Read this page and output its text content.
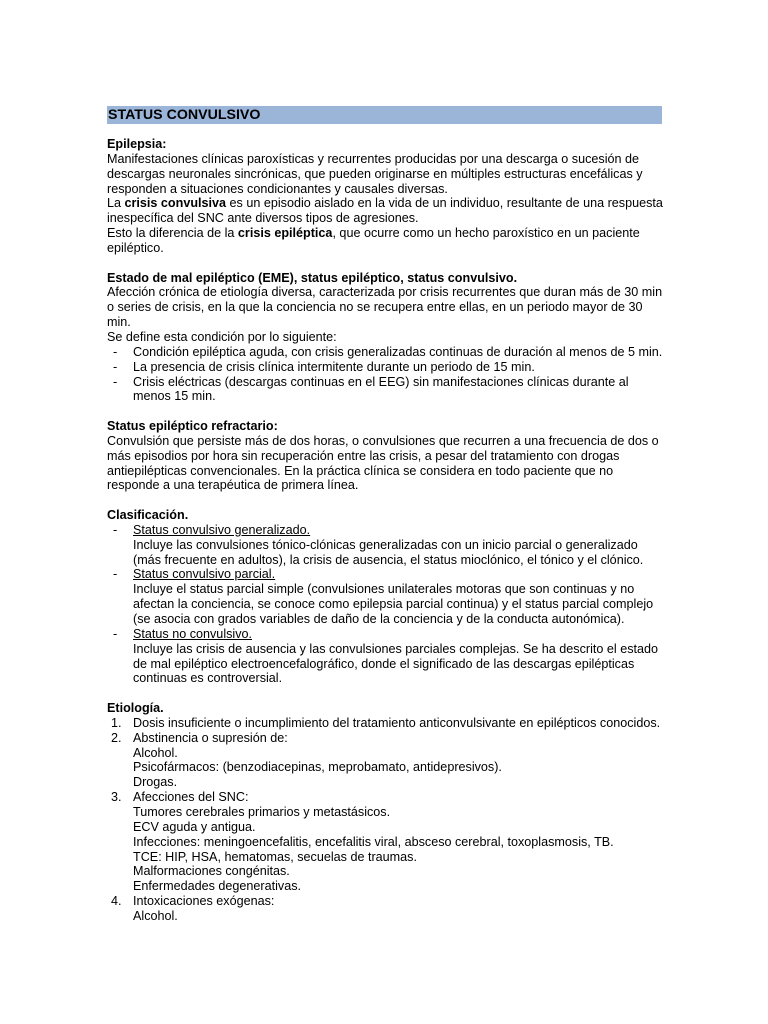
STATUS CONVULSIVO

Epilepsia:

Manifestaciones clínicas paroxísticas y recurrentes producidas por una descarga o sucesión de descargas neuronales sincrónicas, que pueden originarse en múltiples estructuras encefálicas y responden a situaciones condicionantes y causales diversas.

La crisis convulsiva es un episodio aislado en la vida de un individuo, resultante de una respuesta inespecífica del SNC ante diversos tipos de agresiones.

Esto la diferencia de la crisis epiléptica, que ocurre como un hecho paroxístico en un paciente epiléptico.

Estado de mal epiléptico (EME), status epiléptico, status convulsivo.

Afección crónica de etiología diversa, caracterizada por crisis recurrentes que duran más de 30 min o series de crisis, en la que la conciencia no se recupera entre ellas, en un periodo mayor de 30 min.

Se define esta condición por lo siguiente:

- Condición epiléptica aguda, con crisis generalizadas continuas de duración al menos de 5 min.
- La presencia de crisis clínica intermitente durante un periodo de 15 min.
- Crisis eléctricas (descargas continuas en el EEG) sin manifestaciones clínicas durante al menos 15 min.

Status epiléptico refractario:

Convulsión que persiste más de dos horas, o convulsiones que recurren a una frecuencia de dos o más episodios por hora sin recuperación entre las crisis, a pesar del tratamiento con drogas antiepilépticas convencionales. En la práctica clínica se considera en todo paciente que no responde a una terapéutica de primera línea.

Clasificación.

- Status convulsivo generalizado.
Incluye las convulsiones tónico-clónicas generalizadas con un inicio parcial o generalizado (más frecuente en adultos), la crisis de ausencia, el status mioclónico, el tónico y el clónico.
- Status convulsivo parcial.
Incluye el status parcial simple (convulsiones unilaterales motoras que son continuas y no afectan la conciencia, se conoce como epilepsia parcial continua) y el status parcial complejo (se asocia con grados variables de daño de la conciencia y de la conducta autonómica).
- Status no convulsivo.
Incluye las crisis de ausencia y las convulsiones parciales complejas. Se ha descrito el estado de mal epiléptico electroencefalográfico, donde el significado de las descargas epilépticas continuas es controversial.

Etiología.

1. Dosis insuficiente o incumplimiento del tratamiento anticonvulsivante en epilépticos conocidos.
2. Abstinencia o supresión de:
Alcohol.
Psicofármacos: (benzodiacepinas, meprobamato, antidepresivos).
Drogas.
3. Afecciones del SNC:
Tumores cerebrales primarios y metastásicos.
ECV aguda y antigua.
Infecciones: meningoencefalitis, encefalitis viral, absceso cerebral, toxoplasmosis, TB.
TCE: HIP, HSA, hematomas, secuelas de traumas.
Malformaciones congénitas.
Enfermedades degenerativas.
4. Intoxicaciones exógenas:
Alcohol.
